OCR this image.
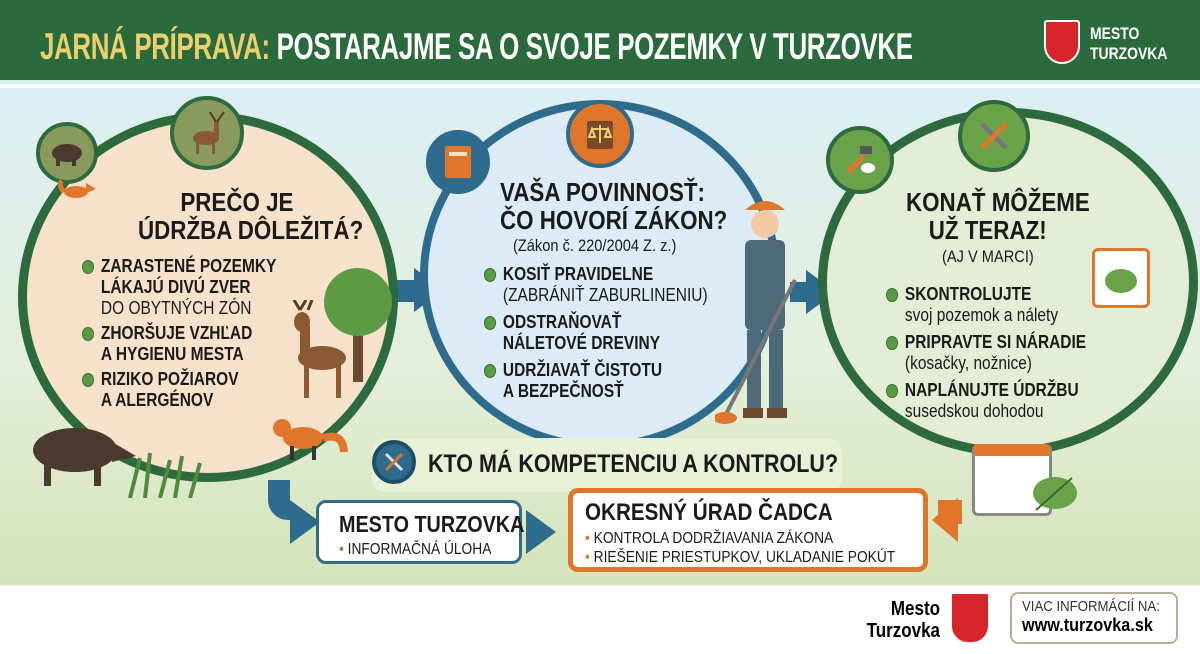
JARNÁ PRÍPRAVA: POSTARAJME SA O SVOJE POZEMKY V TURZOVKE	MESTO
TURZOVKA
PREČO JE
ÚDRŽBA DÔLEŽITÁ?
ZARASTENÉ POZEMKY
LÁKAJÚ DIVÚ ZVER
DO OBYTNÝCH ZÓN
ZHORŠUJE VZHĽAD
A HYGIENU MESTA
RIZIKO POŽIAROV
A ALERGÉNOV
VAŠA POVINNOSŤ:
ČO HOVORÍ ZÁKON?
(Zákon č. 220/2004 Z. z.)
KOSIŤ PRAVIDELNE
(ZABRÁNIŤ ZABURLINENIU)
ODSTRAŇOVAŤ
NÁLETOVÉ DREVINY
UDRŽIAVAŤ ČISTOTU
A BEZPEČNOSŤ
KONAŤ MÔŽEME
UŽ TERAZ!
(AJ V MARCI)
SKONTROLUJTE
svoj pozemok a nálety
PRIPRAVTE SI NÁRADIE
(kosačky, nožnice)
NAPLÁNUJTE ÚDRŽBU
susedskou dohodou
KTO MÁ KOMPETENCIU A KONTROLU?
MESTO TURZOVKA
• INFORMAČNÁ ÚLOHA
OKRESNÝ ÚRAD ČADCA
• KONTROLA DODRŽIAVANIA ZÁKONA
• RIEŠENIE PRIESTUPKOV, UKLADANIE POKÚT
Mesto
Turzovka
VIAC INFORMÁCIÍ NA:
www.turzovka.sk
